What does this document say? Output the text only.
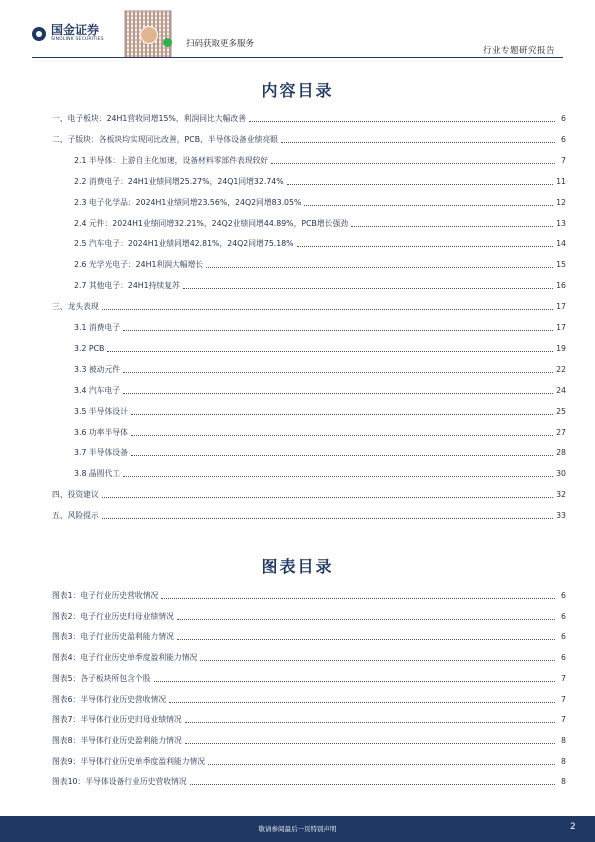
国金证券
SINOLINK SECURITIES	扫码获取更多服务
行业专题研究报告
内容目录
一、电子板块：24H1营收同增15%，利润同比大幅改善	6
二、子版块：各板块均实现同比改善，PCB、半导体设备业绩亮眼	6
2.1 半导体：上游自主化加速，设备材料零部件表现较好	7
2.2 消费电子：24H1业绩同增25.27%，24Q1同增32.74%	11
2.3 电子化学品：2024H1业绩同增23.56%，24Q2同增83.05%	12
2.4 元件：2024H1业绩同增32.21%，24Q2业绩同增44.89%，PCB增长强劲	13
2.5 汽车电子：2024H1业绩同增42.81%，24Q2同增75.18%	14
2.6 光学光电子：24H1利润大幅增长	15
2.7 其他电子：24H1持续复苏	16
三、龙头表现	17
3.1 消费电子	17
3.2 PCB	19
3.3 被动元件	22
3.4 汽车电子	24
3.5 半导体设计	25
3.6 功率半导体	27
3.7 半导体设备	28
3.8 晶圆代工	30
四、投资建议	32
五、风险提示	33
图表目录
图表1：电子行业历史营收情况	6
图表2：电子行业历史归母业绩情况	6
图表3：电子行业历史盈利能力情况	6
图表4：电子行业历史单季度盈利能力情况	6
图表5：各子板块所包含个股	7
图表6：半导体行业历史营收情况	7
图表7：半导体行业历史归母业绩情况	7
图表8：半导体行业历史盈利能力情况	8
图表9：半导体行业历史单季度盈利能力情况	8
图表10：半导体设备行业历史营收情况	8
敬请参阅最后一页特别声明	2
